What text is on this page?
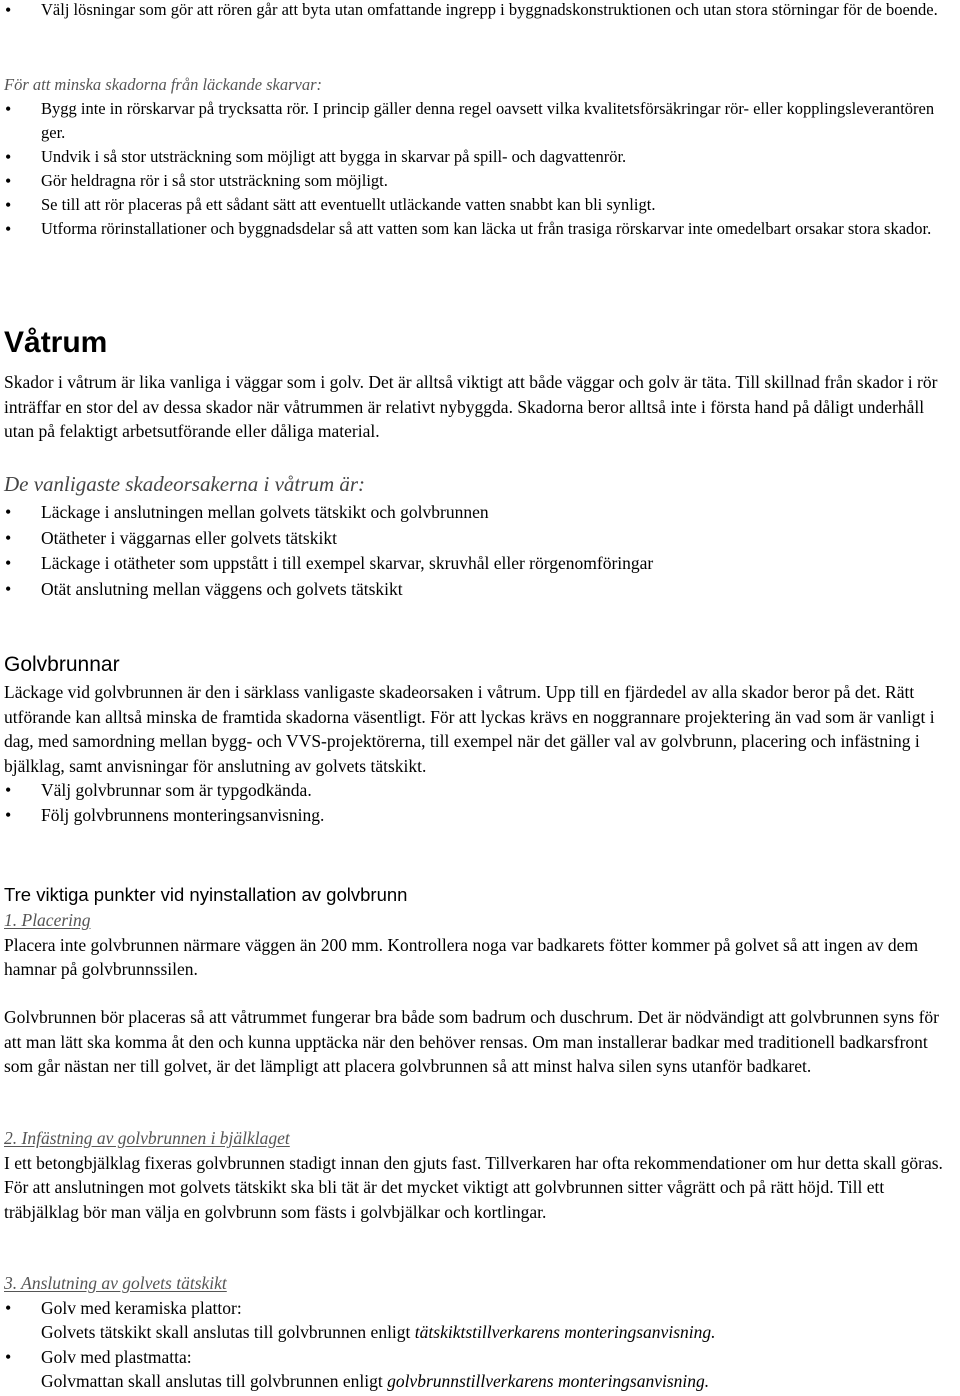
• Välj lösningar som gör att rören går att byta utan omfattande ingrepp i byggnadskonstruktionen och utan stora störningar för de boende.
För att minska skadorna från läckande skarvar:
• Bygg inte in rörskarvar på trycksatta rör. I princip gäller denna regel oavsett vilka kvalitetsförsäkringar rör- eller kopplingsleverantören ger.
• Undvik i så stor utsträckning som möjligt att bygga in skarvar på spill- och dagvattenrör.
• Gör heldragna rör i så stor utsträckning som möjligt.
• Se till att rör placeras på ett sådant sätt att eventuellt utläckande vatten snabbt kan bli synligt.
• Utforma rörinstallationer och byggnadsdelar så att vatten som kan läcka ut från trasiga rörskarvar inte omedelbart orsakar stora skador.
Våtrum

Skador i våtrum är lika vanliga i väggar som i golv. Det är alltså viktigt att både väggar och golv är täta. Till skillnad från skador i rör inträffar en stor del av dessa skador när våtrummen är relativt nybyggda. Skadorna beror alltså inte i första hand på dåligt underhåll utan på felaktigt arbetsutförande eller dåliga material.

De vanligaste skadeorsakerna i våtrum är:
• Läckage i anslutningen mellan golvets tätskikt och golvbrunnen
• Otätheter i väggarnas eller golvets tätskikt
• Läckage i otätheter som uppstått i till exempel skarvar, skruvhål eller rörgenomföringar
• Otät anslutning mellan väggens och golvets tätskikt
Golvbrunnar

Läckage vid golvbrunnen är den i särklass vanligaste skadeorsaken i våtrum. Upp till en fjärdedel av alla skador beror på det. Rätt utförande kan alltså minska de framtida skadorna väsentligt. För att lyckas krävs en noggrannare projektering än vad som är vanligt i dag, med samordning mellan bygg- och VVS-projektörerna, till exempel när det gäller val av golvbrunn, placering och infästning i bjälklag, samt anvisningar för anslutning av golvets tätskikt.

• Välj golvbrunnar som är typgodkända.
• Följ golvbrunnens monteringsanvisning.
Tre viktiga punkter vid nyinstallation av golvbrunn

1. Placering

Placera inte golvbrunnen närmare väggen än 200 mm. Kontrollera noga var badkarets fötter kommer på golvet så att ingen av dem hamnar på golvbrunnssilen.

Golvbrunnen bör placeras så att våtrummet fungerar bra både som badrum och duschrum. Det är nödvändigt att golvbrunnen syns för att man lätt ska komma åt den och kunna upptäcka när den behöver rensas. Om man installerar badkar med traditionell badkarsfront som går nästan ner till golvet, är det lämpligt att placera golvbrunnen så att minst halva silen syns utanför badkaret.

2. Infästning av golvbrunnen i bjälklaget

I ett betongbjälklag fixeras golvbrunnen stadigt innan den gjuts fast. Tillverkaren har ofta rekommendationer om hur detta skall göras. För att anslutningen mot golvets tätskikt ska bli tät är det mycket viktigt att golvbrunnen sitter vågrätt och på rätt höjd. Till ett träbjälklag bör man välja en golvbrunn som fästs i golvbjälkar och kortlingar.

3. Anslutning av golvets tätskikt

• Golv med keramiska plattor:
Golvets tätskikt skall anslutas till golvbrunnen enligt tätskiktstillverkarens monteringsanvisning.
• Golv med plastmatta:
Golvmattan skall anslutas till golvbrunnen enligt golvbrunnstillverkarens monteringsanvisning.
